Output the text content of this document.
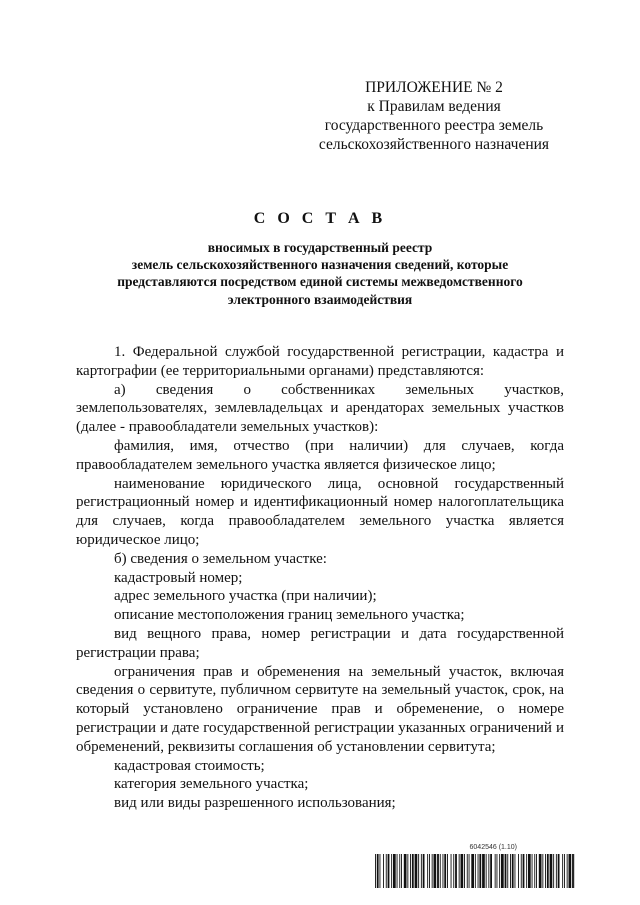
ПРИЛОЖЕНИЕ № 2
к Правилам ведения
государственного реестра земель
сельскохозяйственного назначения
С О С Т А В
вносимых в государственный реестр
земель сельскохозяйственного назначения сведений, которые
представляются посредством единой системы межведомственного
электронного взаимодействия

1. Федеральной службой государственной регистрации, кадастра и картографии (ее территориальными органами) представляются:

а) сведения о собственниках земельных участков, землепользователях, землевладельцах и арендаторах земельных участков (далее - правообладатели земельных участков):

фамилия, имя, отчество (при наличии) для случаев, когда правообладателем земельного участка является физическое лицо;

наименование юридического лица, основной государственный регистрационный номер и идентификационный номер налогоплательщика для случаев, когда правообладателем земельного участка является юридическое лицо;

б) сведения о земельном участке:

кадастровый номер;

адрес земельного участка (при наличии);

описание местоположения границ земельного участка;

вид вещного права, номер регистрации и дата государственной регистрации права;

ограничения прав и обременения на земельный участок, включая сведения о сервитуте, публичном сервитуте на земельный участок, срок, на который установлено ограничение прав и обременение, о номере регистрации и дате государственной регистрации указанных ограничений и обременений, реквизиты соглашения об установлении сервитута;

кадастровая стоимость;

категория земельного участка;

вид или виды разрешенного использования;

6042546 (1.10)
